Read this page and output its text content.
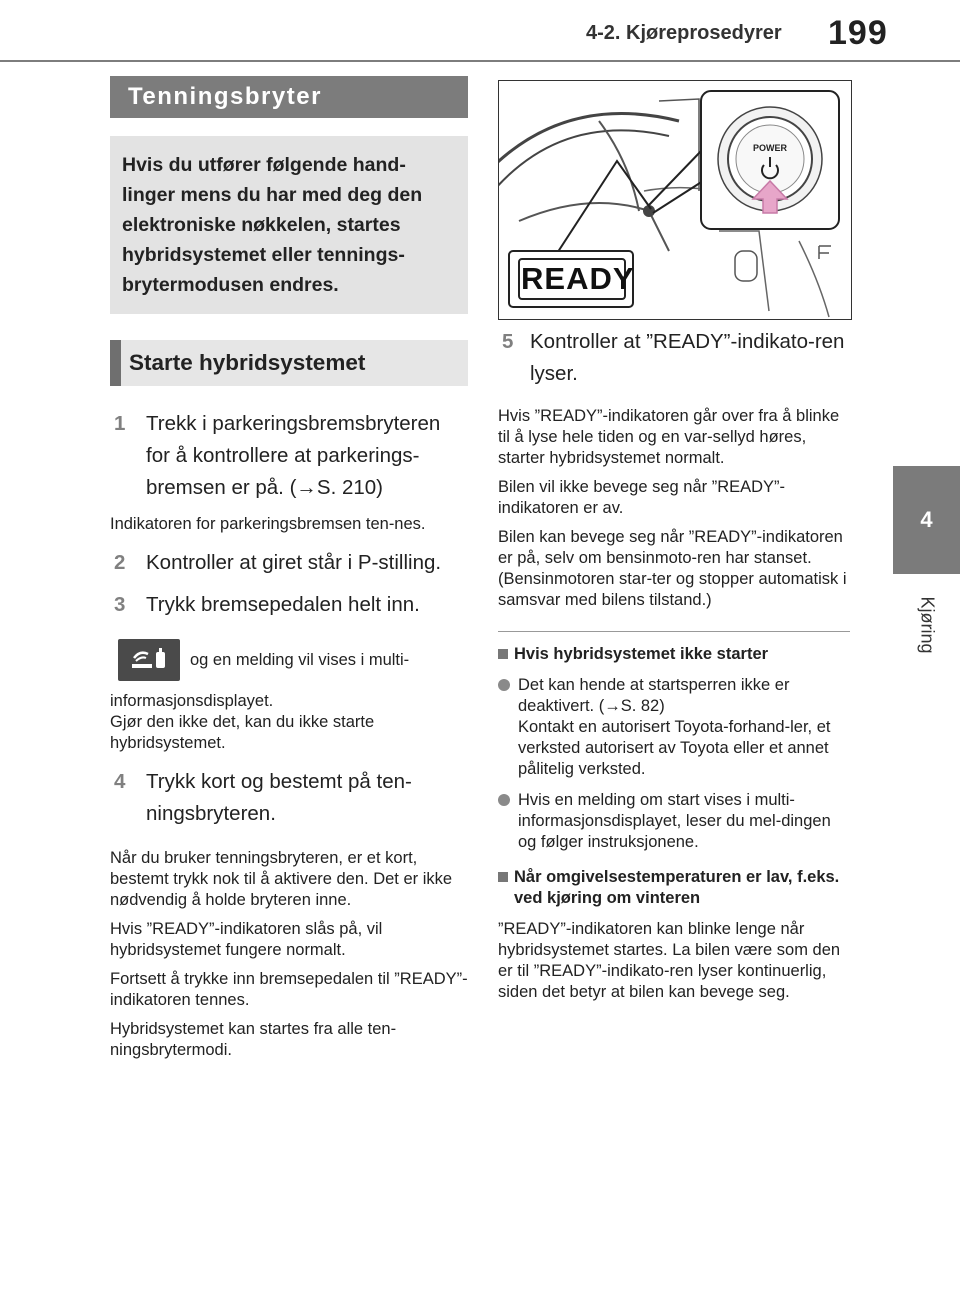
4-2. Kjøreprosedyrer 199
4
Kjøring
Tenningsbryter
Hvis du utfører følgende hand-
linger mens du har med deg den
elektroniske nøkkelen, startes
hybridsystemet eller tennings-
brytermodusen endres.
Starte hybridsystemet
1	Trekk i parkeringsbremsbryteren for å kontrollere at parkerings-bremsen er på. (→S. 210)
Indikatoren for parkeringsbremsen ten-nes.
2	Kontroller at giret står i P-stilling.
3	Trykk bremsepedalen helt inn.
og en melding vil vises i multi-
informasjonsdisplayet.
Gjør den ikke det, kan du ikke starte hybridsystemet.
4	Trykk kort og bestemt på ten-ningsbryteren.
Når du bruker tenningsbryteren, er et kort, bestemt trykk nok til å aktivere den. Det er ikke nødvendig å holde bryteren inne.
Hvis ”READY”-indikatoren slås på, vil hybridsystemet fungere normalt.
Fortsett å trykke inn bremsepedalen til ”READY”-indikatoren tennes.
Hybridsystemet kan startes fra alle ten-ningsbrytermodi.
READY
POWER
5 Kontroller at ”READY”-indikato-ren lyser.
Hvis ”READY”-indikatoren går over fra å blinke til å lyse hele tiden og en var-sellyd høres, starter hybridsystemet normalt.
Bilen vil ikke bevege seg når ”READY”-indikatoren er av.
Bilen kan bevege seg når ”READY”-indikatoren er på, selv om bensinmoto-ren har stanset. (Bensinmotoren star-ter og stopper automatisk i samsvar med bilens tilstand.)
Hvis hybridsystemet ikke starter
Det kan hende at startsperren ikke er deaktivert. (→S. 82)
Kontakt en autorisert Toyota-forhand-ler, et verksted autorisert av Toyota eller et annet pålitelig verksted.
Hvis en melding om start vises i multi-informasjonsdisplayet, leser du mel-dingen og følger instruksjonene.
Når omgivelsestemperaturen er lav, f.eks. ved kjøring om vinteren
”READY”-indikatoren kan blinke lenge når hybridsystemet startes. La bilen være som den er til ”READY”-indikato-ren lyser kontinuerlig, siden det betyr at bilen kan bevege seg.
